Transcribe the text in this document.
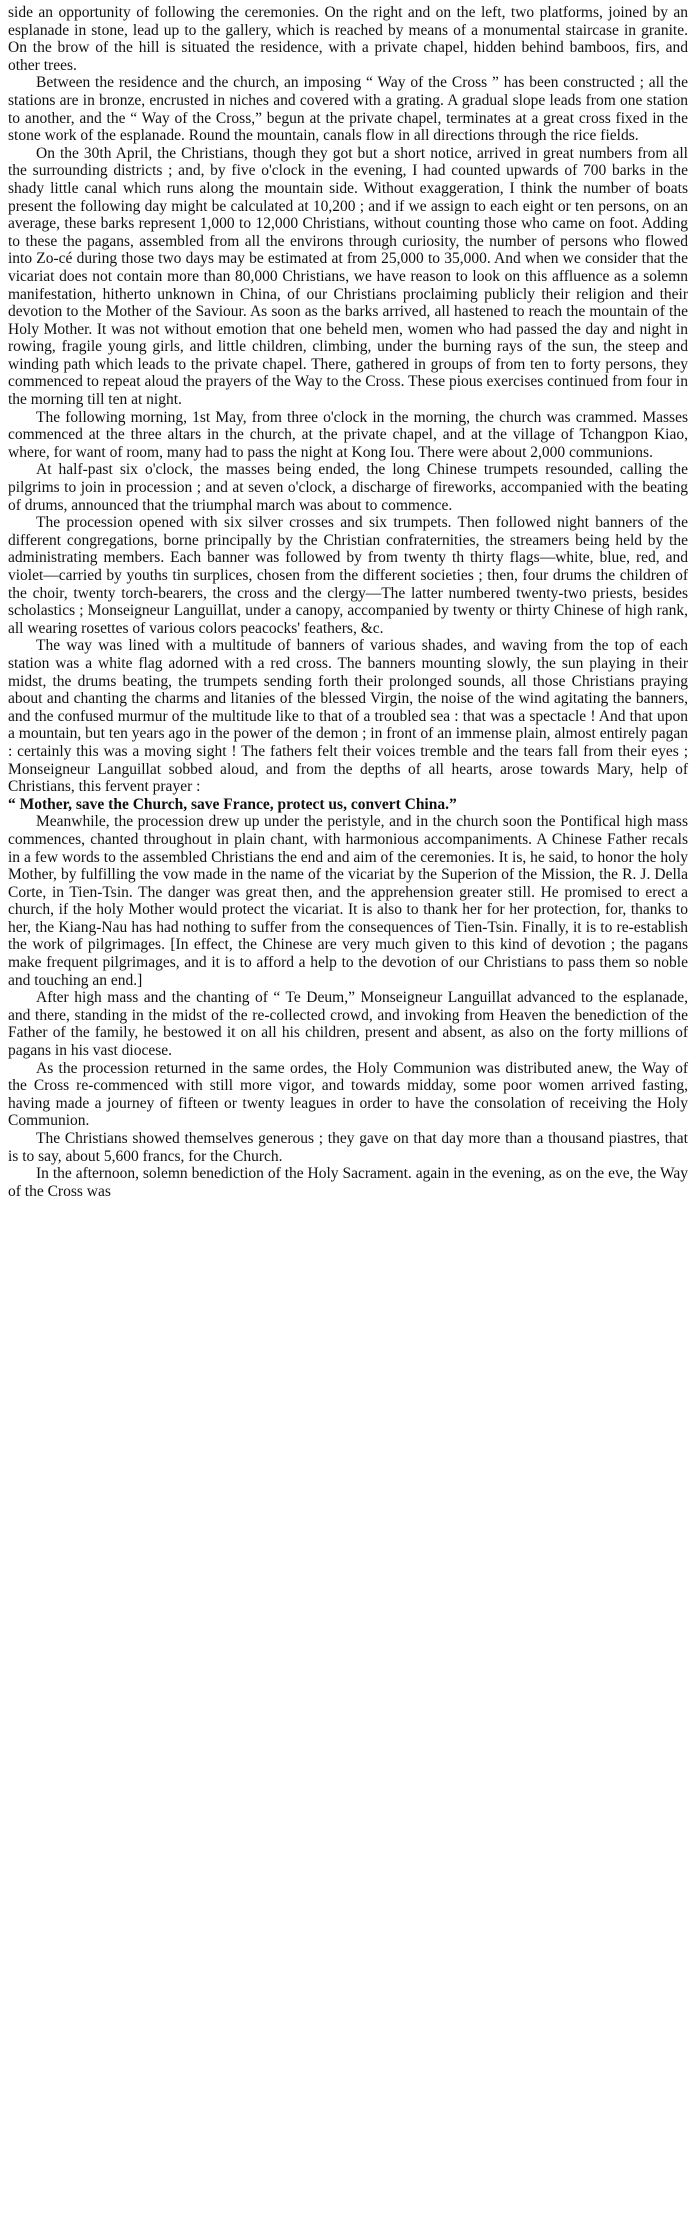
side an opportunity of following the ceremonies. On the right and on the left, two platforms, joined by an esplanade in stone, lead up to the gallery, which is reached by means of a monumental staircase in granite. On the brow of the hill is situated the residence, with a private chapel, hidden behind bamboos, firs, and other trees.

Between the residence and the church, an imposing “ Way of the Cross ” has been constructed ; all the stations are in bronze, encrusted in niches and covered with a grating. A gradual slope leads from one station to another, and the “ Way of the Cross,” begun at the private chapel, terminates at a great cross fixed in the stone work of the esplanade. Round the mountain, canals flow in all directions through the rice fields.

On the 30th April, the Christians, though they got but a short notice, arrived in great numbers from all the surrounding districts ; and, by five o'clock in the evening, I had counted upwards of 700 barks in the shady little canal which runs along the mountain side. Without exaggeration, I think the number of boats present the following day might be calculated at 10,200 ; and if we assign to each eight or ten persons, on an average, these barks represent 1,000 to 12,000 Christians, without counting those who came on foot. Adding to these the pagans, assembled from all the environs through curiosity, the number of persons who flowed into Zo-cé during those two days may be estimated at from 25,000 to 35,000. And when we consider that the vicariat does not contain more than 80,000 Christians, we have reason to look on this affluence as a solemn manifestation, hitherto unknown in China, of our Christians proclaiming publicly their religion and their devotion to the Mother of the Saviour. As soon as the barks arrived, all hastened to reach the mountain of the Holy Mother. It was not without emotion that one beheld men, women who had passed the day and night in rowing, fragile young girls, and little children, climbing, under the burning rays of the sun, the steep and winding path which leads to the private chapel. There, gathered in groups of from ten to forty persons, they commenced to repeat aloud the prayers of the Way to the Cross. These pious exercises continued from four in the morning till ten at night.

The following morning, 1st May, from three o'clock in the morning, the church was crammed. Masses commenced at the three altars in the church, at the private chapel, and at the village of Tchangpon Kiao, where, for want of room, many had to pass the night at Kong Iou. There were about 2,000 communions.

At half-past six o'clock, the masses being ended, the long Chinese trumpets resounded, calling the pilgrims to join in procession ; and at seven o'clock, a discharge of fireworks, accompanied with the beating of drums, announced that the triumphal march was about to commence.

The procession opened with six silver crosses and six trumpets. Then followed night banners of the different congregations, borne principally by the Christian confraternities, the streamers being held by the administrating members. Each banner was followed by from twenty th thirty flags—white, blue, red, and violet—carried by youths tin surplices, chosen from the different societies ; then, four drums the children of the choir, twenty torch-bearers, the cross and the clergy—The latter numbered twenty-two priests, besides scholastics ; Monseigneur Languillat, under a canopy, accompanied by twenty or thirty Chinese of high rank, all wearing rosettes of various colors peacocks' feathers, &c.

The way was lined with a multitude of banners of various shades, and waving from the top of each station was a white flag adorned with a red cross. The banners mounting slowly, the sun playing in their midst, the drums beating, the trumpets sending forth their prolonged sounds, all those Christians praying about and chanting the charms and litanies of the blessed Virgin, the noise of the wind agitating the banners, and the confused murmur of the multitude like to that of a troubled sea : that was a spectacle ! And that upon a mountain, but ten years ago in the power of the demon ; in front of an immense plain, almost entirely pagan : certainly this was a moving sight ! The fathers felt their voices tremble and the tears fall from their eyes ; Monseigneur Languillat sobbed aloud, and from the depths of all hearts, arose towards Mary, help of Christians, this fervent prayer :

“ Mother, save the Church, save France, protect us, convert China.”

Meanwhile, the procession drew up under the peristyle, and in the church soon the Pontifical high mass commences, chanted throughout in plain chant, with harmonious accompaniments. A Chinese Father recals in a few words to the assembled Christians the end and aim of the ceremonies. It is, he said, to honor the holy Mother, by fulfilling the vow made in the name of the vicariat by the Superion of the Mission, the R. J. Della Corte, in Tien-Tsin. The danger was great then, and the apprehension greater still. He promised to erect a church, if the holy Mother would protect the vicariat. It is also to thank her for her protection, for, thanks to her, the Kiang-Nau has had nothing to suffer from the consequences of Tien-Tsin. Finally, it is to re-establish the work of pilgrimages. [In effect, the Chinese are very much given to this kind of devotion ; the pagans make frequent pilgrimages, and it is to afford a help to the devotion of our Christians to pass them so noble and touching an end.]

After high mass and the chanting of “ Te Deum,” Monseigneur Languillat advanced to the esplanade, and there, standing in the midst of the re-collected crowd, and invoking from Heaven the benediction of the Father of the family, he bestowed it on all his children, present and absent, as also on the forty millions of pagans in his vast diocese.

As the procession returned in the same ordes, the Holy Communion was distributed anew, the Way of the Cross re-commenced with still more vigor, and towards midday, some poor women arrived fasting, having made a journey of fifteen or twenty leagues in order to have the consolation of receiving the Holy Communion.

The Christians showed themselves generous ; they gave on that day more than a thousand piastres, that is to say, about 5,600 francs, for the Church.

In the afternoon, solemn benediction of the Holy Sacrament. again in the evening, as on the eve, the Way of the Cross was
